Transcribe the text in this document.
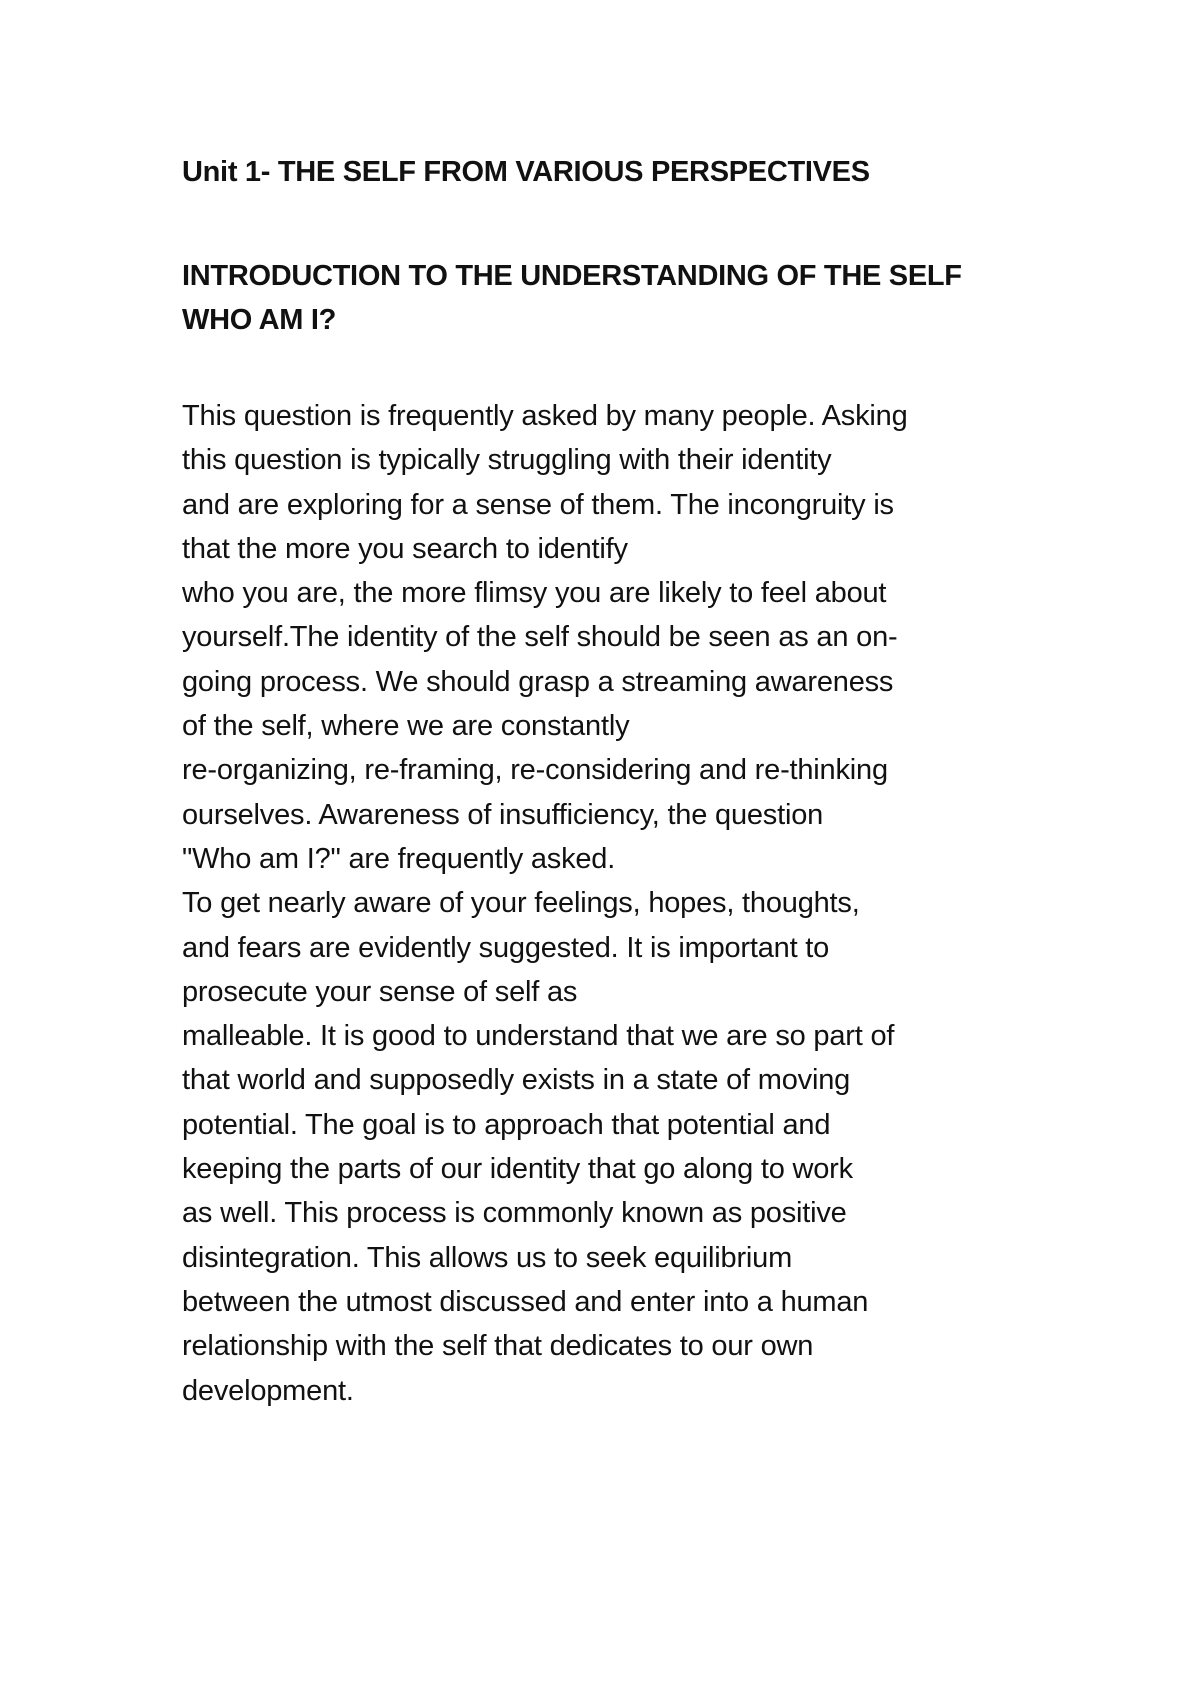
Unit 1- THE SELF FROM VARIOUS PERSPECTIVES

INTRODUCTION TO THE UNDERSTANDING OF THE SELF

WHO AM I?

This question is frequently asked by many people. Asking
this question is typically struggling with their identity
and are exploring for a sense of them. The incongruity is
that the more you search to identify
who you are, the more flimsy you are likely to feel about
yourself.The identity of the self should be seen as an on-
going process. We should grasp a streaming awareness
of the self, where we are constantly
re-organizing, re-framing, re-considering and re-thinking
ourselves. Awareness of insufficiency, the question
"Who am I?" are frequently asked.
To get nearly aware of your feelings, hopes, thoughts,
and fears are evidently suggested. It is important to
prosecute your sense of self as
malleable. It is good to understand that we are so part of
that world and supposedly exists in a state of moving
potential. The goal is to approach that potential and
keeping the parts of our identity that go along to work
as well. This process is commonly known as positive
disintegration. This allows us to seek equilibrium
between the utmost discussed and enter into a human
relationship with the self that dedicates to our own
development.
